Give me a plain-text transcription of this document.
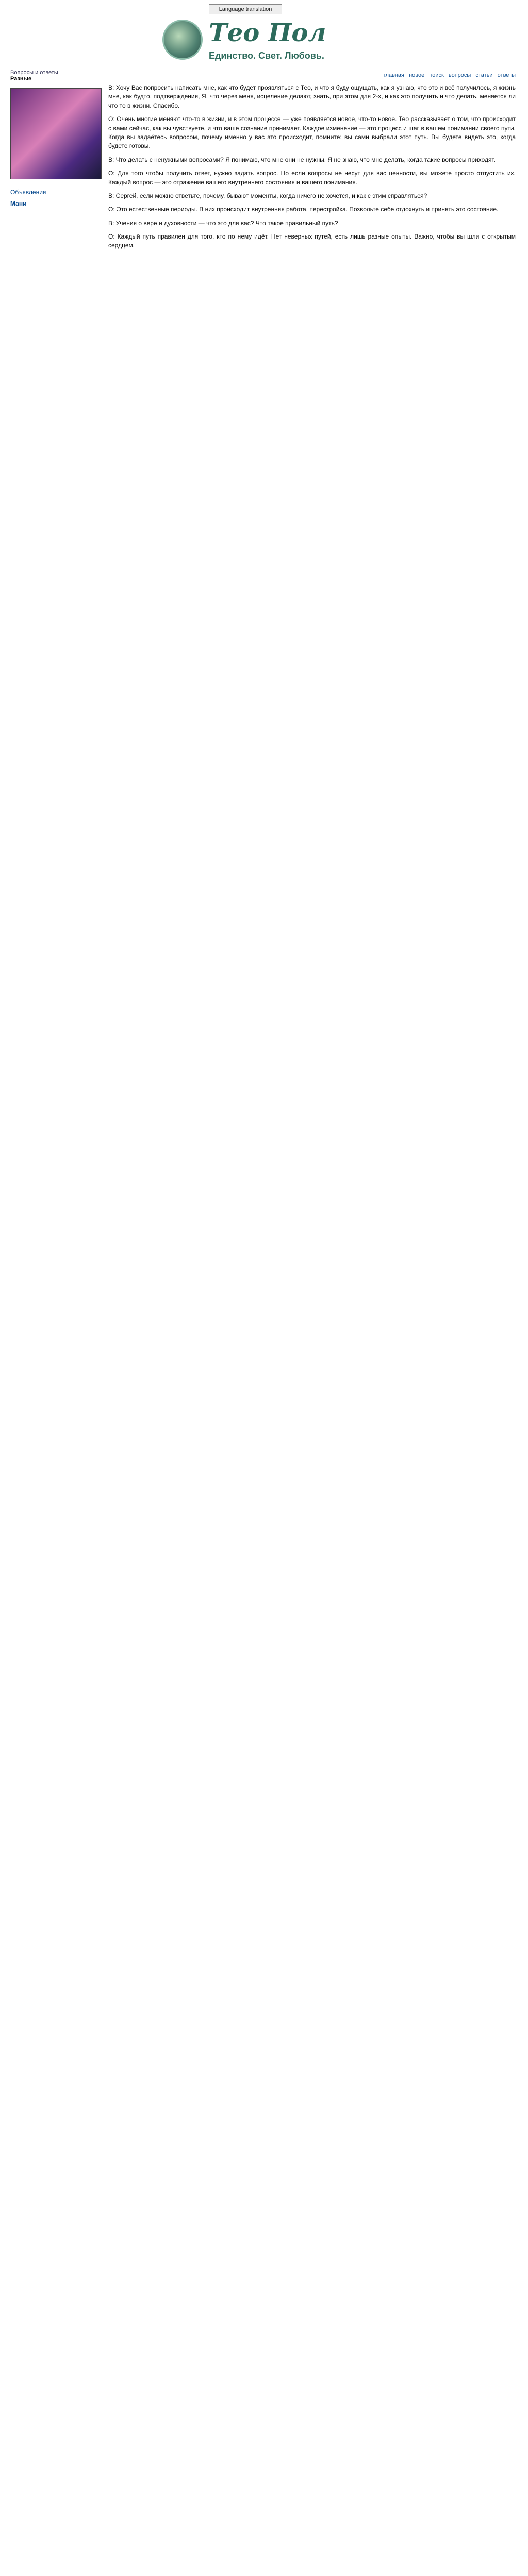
Language translation
Тео Пол
Единство. Свет. Любовь.
Вопросы и ответы
Разные
Объявления
Мани
главная новое поиск вопросы статьи ответы

В: Хочу Вас попросить написать мне, как что будет проявляться с Тео, и что я буду ощущать, как я узнаю, что это и всё получилось, я жизнь мне, как будто, подтверждения, Я, что через меня, исцеление делают, знать, при этом для 2-х, и как это получить и что делать, меняется ли что то в жизни. Спасибо.

О: Очень многие меняют что-то в жизни, и в этом процессе — уже появляется новое, что-то новое. Тео рассказывает о том, что происходит с вами сейчас, как вы чувствуете, и что ваше сознание принимает. Каждое изменение — это процесс и шаг в вашем понимании своего пути. Когда вы задаётесь вопросом, почему именно у вас это происходит, помните: вы сами выбрали этот путь. Вы будете видеть это, когда будете готовы.

В: Что делать с ненужными вопросами? Я понимаю, что мне они не нужны. Я не знаю, что мне делать, когда такие вопросы приходят.

О: Для того чтобы получить ответ, нужно задать вопрос. Но если вопросы не несут для вас ценности, вы можете просто отпустить их. Каждый вопрос — это отражение вашего внутреннего состояния и вашего понимания.

В: Сергей, если можно ответьте, почему, бывают моменты, когда ничего не хочется, и как с этим справляться?

О: Это естественные периоды. В них происходит внутренняя работа, перестройка. Позвольте себе отдохнуть и принять это состояние.

В: Учения о вере и духовности — что это для вас? Что такое правильный путь?

О: Каждый путь правилен для того, кто по нему идёт. Нет неверных путей, есть лишь разные опыты. Важно, чтобы вы шли с открытым сердцем.
